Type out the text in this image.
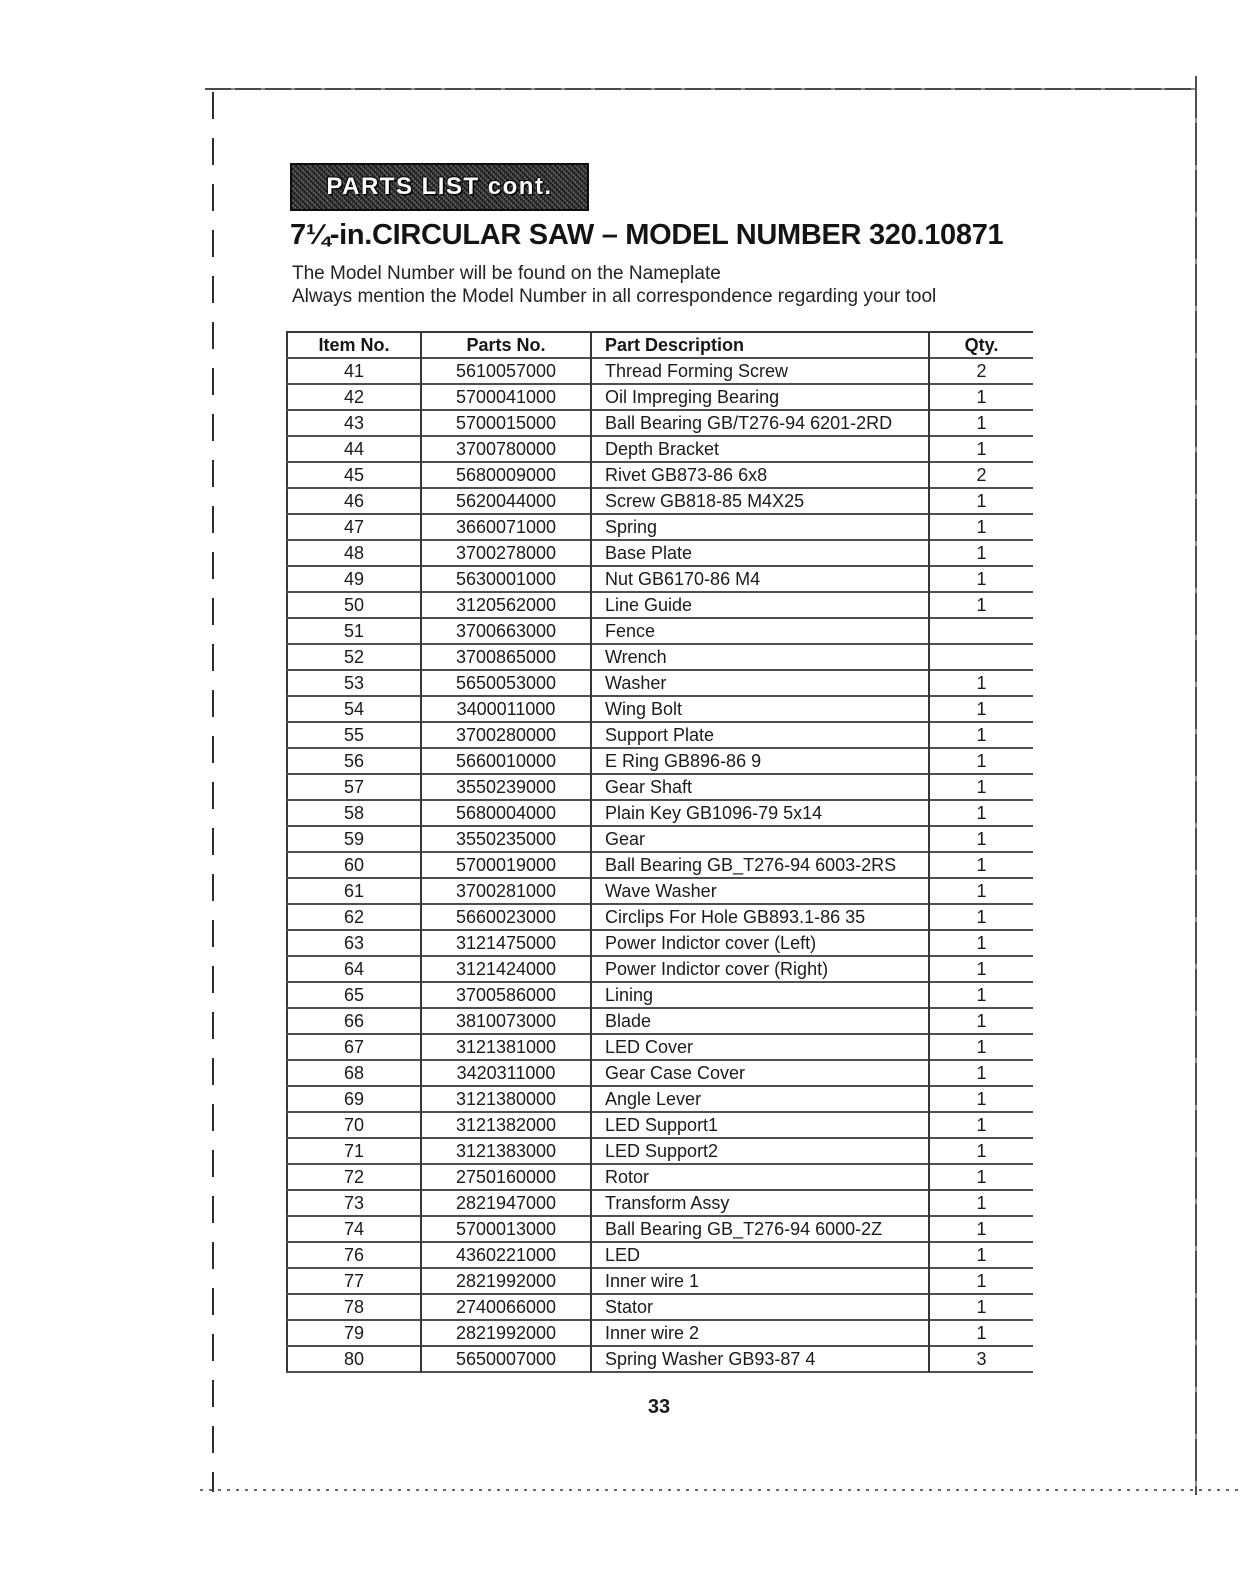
PARTS LIST cont.
7¼-in.CIRCULAR SAW – MODEL NUMBER 320.10871
The Model Number will be found on the Nameplate
Always mention the Model Number in all correspondence regarding your tool
Item No.	Parts No.	Part Description	Qty.
41	5610057000	Thread Forming Screw	2
42	5700041000	Oil Impreging Bearing	1
43	5700015000	Ball Bearing GB/T276-94 6201-2RD	1
44	3700780000	Depth Bracket	1
45	5680009000	Rivet GB873-86 6x8	2
46	5620044000	Screw GB818-85 M4X25	1
47	3660071000	Spring	1
48	3700278000	Base Plate	1
49	5630001000	Nut GB6170-86 M4	1
50	3120562000	Line Guide	1
51	3700663000	Fence	
52	3700865000	Wrench	
53	5650053000	Washer	1
54	3400011000	Wing Bolt	1
55	3700280000	Support Plate	1
56	5660010000	E Ring GB896-86 9	1
57	3550239000	Gear Shaft	1
58	5680004000	Plain Key GB1096-79 5x14	1
59	3550235000	Gear	1
60	5700019000	Ball Bearing GB_T276-94 6003-2RS	1
61	3700281000	Wave Washer	1
62	5660023000	Circlips For Hole GB893.1-86 35	1
63	3121475000	Power Indictor cover (Left)	1
64	3121424000	Power Indictor cover (Right)	1
65	3700586000	Lining	1
66	3810073000	Blade	1
67	3121381000	LED Cover	1
68	3420311000	Gear Case Cover	1
69	3121380000	Angle Lever	1
70	3121382000	LED Support1	1
71	3121383000	LED Support2	1
72	2750160000	Rotor	1
73	2821947000	Transform Assy	1
74	5700013000	Ball Bearing GB_T276-94 6000-2Z	1
76	4360221000	LED	1
77	2821992000	Inner wire 1	1
78	2740066000	Stator	1
79	2821992000	Inner wire 2	1
80	5650007000	Spring Washer GB93-87 4	3
33
